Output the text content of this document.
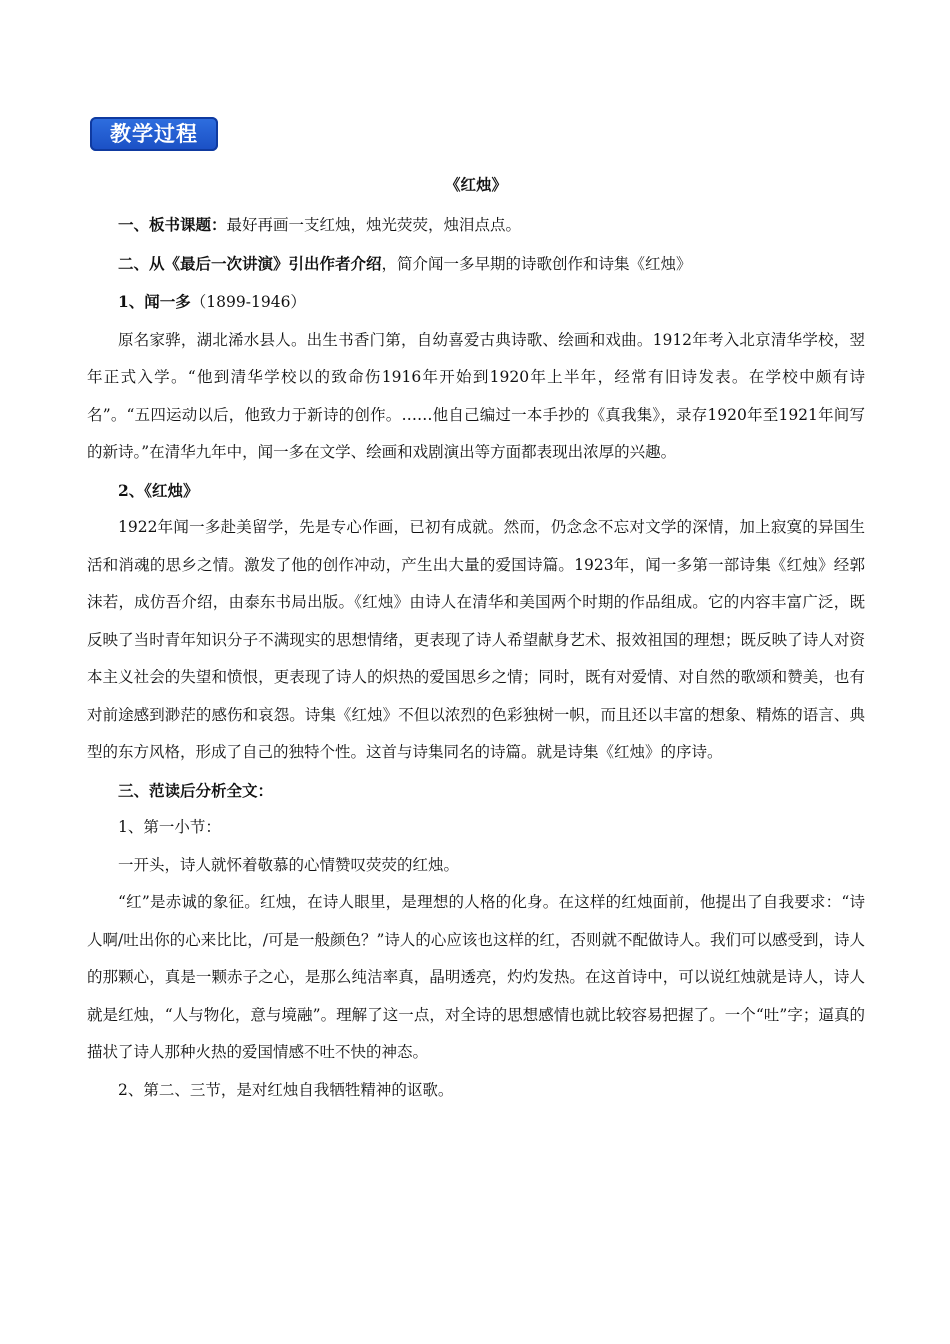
教学过程
《红烛》

一、板书课题：最好再画一支红烛，烛光荧荧，烛泪点点。

二、从《最后一次讲演》引出作者介绍，简介闻一多早期的诗歌创作和诗集《红烛》

1、闻一多（1899-1946）

原名家骅，湖北浠水县人。出生书香门第，自幼喜爱古典诗歌、绘画和戏曲。1912年考入北京清华学校，翌年正式入学。“他到清华学校以的致命伤1916年开始到1920年上半年，经常有旧诗发表。在学校中颇有诗名”。“五四运动以后，他致力于新诗的创作。……他自己编过一本手抄的《真我集》，录存1920年至1921年间写的新诗。”在清华九年中，闻一多在文学、绘画和戏剧演出等方面都表现出浓厚的兴趣。

2、《红烛》

1922年闻一多赴美留学，先是专心作画，已初有成就。然而，仍念念不忘对文学的深情，加上寂寞的异国生活和消魂的思乡之情。激发了他的创作冲动，产生出大量的爱国诗篇。1923年，闻一多第一部诗集《红烛》经郭沫若，成仿吾介绍，由泰东书局出版。《红烛》由诗人在清华和美国两个时期的作品组成。它的内容丰富广泛，既反映了当时青年知识分子不满现实的思想情绪，更表现了诗人希望献身艺术、报效祖国的理想；既反映了诗人对资本主义社会的失望和愤恨，更表现了诗人的炽热的爱国思乡之情；同时，既有对爱情、对自然的歌颂和赞美，也有对前途感到渺茫的感伤和哀怨。诗集《红烛》不但以浓烈的色彩独树一帜，而且还以丰富的想象、精炼的语言、典型的东方风格，形成了自己的独特个性。这首与诗集同名的诗篇。就是诗集《红烛》的序诗。

三、范读后分析全文：

1、第一小节：

一开头，诗人就怀着敬慕的心情赞叹荧荧的红烛。

“红”是赤诚的象征。红烛，在诗人眼里，是理想的人格的化身。在这样的红烛面前，他提出了自我要求：“诗人啊/吐出你的心来比比，/可是一般颜色？”诗人的心应该也这样的红，否则就不配做诗人。我们可以感受到，诗人的那颗心，真是一颗赤子之心，是那么纯洁率真，晶明透亮，灼灼发热。在这首诗中，可以说红烛就是诗人，诗人就是红烛，“人与物化，意与境融”。理解了这一点，对全诗的思想感情也就比较容易把握了。一个“吐”字；逼真的描状了诗人那种火热的爱国情感不吐不快的神态。

2、第二、三节，是对红烛自我牺牲精神的讴歌。
